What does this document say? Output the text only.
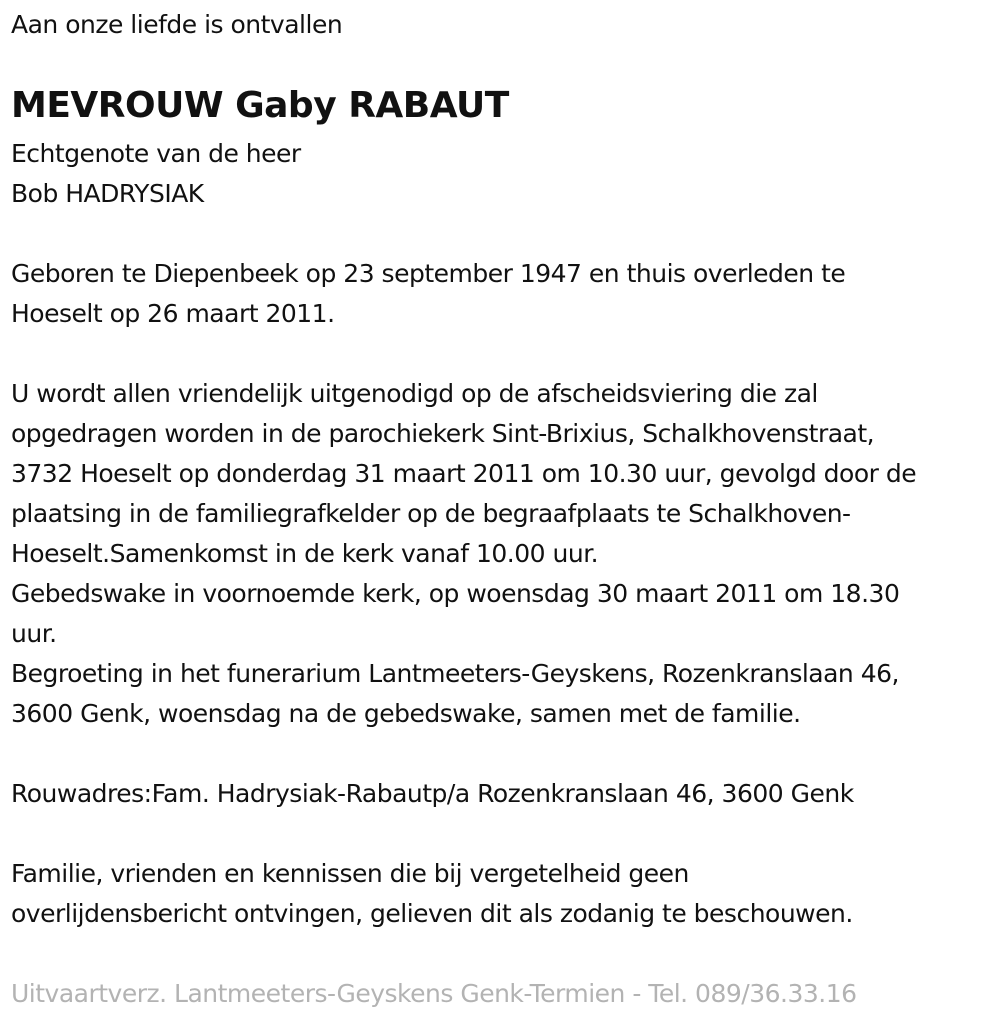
Aan onze liefde is ontvallen

MEVROUW Gaby RABAUT

Echtgenote van de heer

Bob HADRYSIAK

Geboren te Diepenbeek op 23 september 1947 en thuis overleden te

Hoeselt op 26 maart 2011.

U wordt allen vriendelijk uitgenodigd op de afscheidsviering die zal

opgedragen worden in de parochiekerk Sint-Brixius, Schalkhovenstraat,

3732 Hoeselt op donderdag 31 maart 2011 om 10.30 uur, gevolgd door de

plaatsing in de familiegrafkelder op de begraafplaats te Schalkhoven-

Hoeselt.Samenkomst in de kerk vanaf 10.00 uur.

Gebedswake in voornoemde kerk, op woensdag 30 maart 2011 om 18.30

uur.

Begroeting in het funerarium Lantmeeters-Geyskens, Rozenkranslaan 46,

3600 Genk, woensdag na de gebedswake, samen met de familie.

Rouwadres:Fam. Hadrysiak-Rabautp/a Rozenkranslaan 46, 3600 Genk

Familie, vrienden en kennissen die bij vergetelheid geen

overlijdensbericht ontvingen, gelieven dit als zodanig te beschouwen.

Uitvaartverz. Lantmeeters-Geyskens Genk-Termien - Tel. 089/36.33.16
